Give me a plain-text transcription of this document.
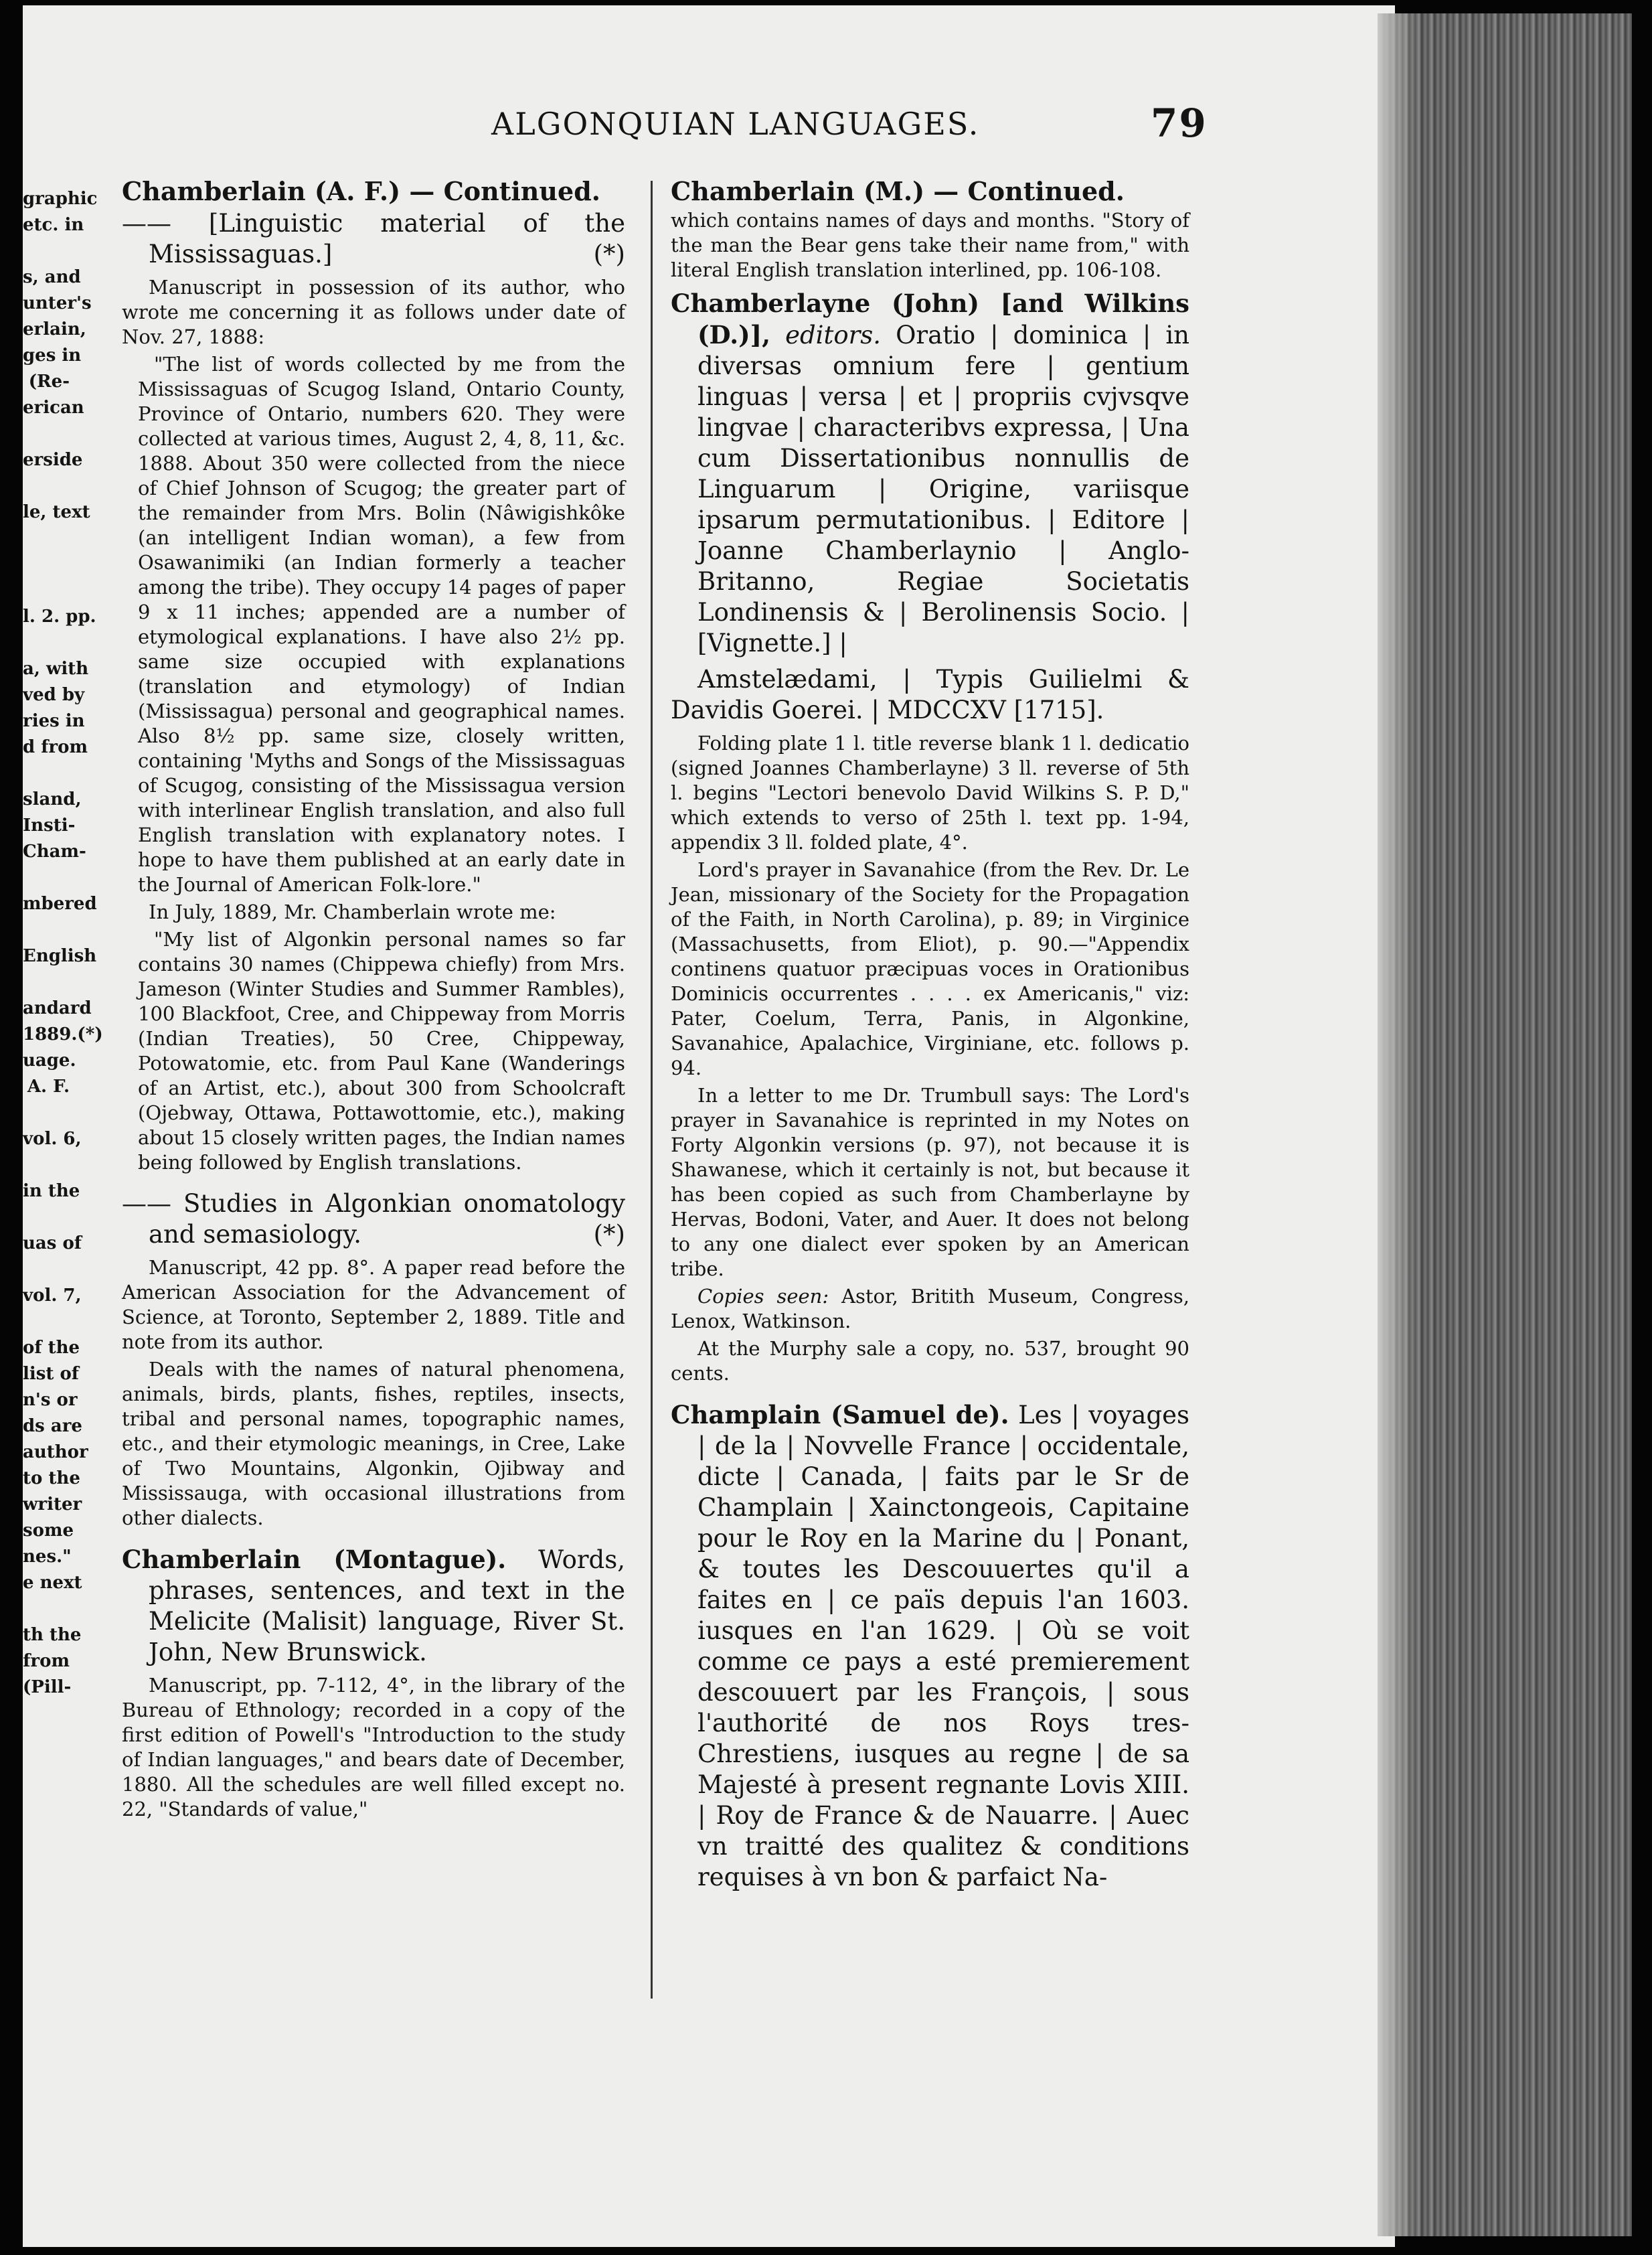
graphic
etc. in
s, and
unter's
erlain,
ges in
(Re-
erican
erside
le, text
l. 2. pp.
a, with
ved by
ries in
d from
sland,
Insti-
Cham-
mbered
English
andard
1889.(*)
uage.
A. F.
vol. 6,
in the
uas of
vol. 7,
of the
list of
n's or
ds are
author
to the
writer
some
nes."
e next
th the
from
(Pill-
ALGONQUIAN LANGUAGES.	79

Chamberlain (A. F.) — Continued.

—— [Linguistic material of the Mississaguas.]	(*)

Manuscript in possession of its author, who wrote me concerning it as follows under date of Nov. 27, 1888:

"The list of words collected by me from the Mississaguas of Scugog Island, Ontario County, Province of Ontario, numbers 620. They were collected at various times, August 2, 4, 8, 11, &c. 1888. About 350 were collected from the niece of Chief Johnson of Scugog; the greater part of the remainder from Mrs. Bolin (Nâwigishkôke (an intelligent Indian woman), a few from Osawanimiki (an Indian formerly a teacher among the tribe). They occupy 14 pages of paper 9 x 11 inches; appended are a number of etymological explanations. I have also 2½ pp. same size occupied with explanations (translation and etymology) of Indian (Mississagua) personal and geographical names. Also 8½ pp. same size, closely written, containing 'Myths and Songs of the Mississaguas of Scugog, consisting of the Mississagua version with interlinear English translation, and also full English translation with explanatory notes. I hope to have them published at an early date in the Journal of American Folk-lore."

In July, 1889, Mr. Chamberlain wrote me:

"My list of Algonkin personal names so far contains 30 names (Chippewa chiefly) from Mrs. Jameson (Winter Studies and Summer Rambles), 100 Blackfoot, Cree, and Chippeway from Morris (Indian Treaties), 50 Cree, Chippeway, Potowatomie, etc. from Paul Kane (Wanderings of an Artist, etc.), about 300 from Schoolcraft (Ojebway, Ottawa, Pottawottomie, etc.), making about 15 closely written pages, the Indian names being followed by English translations.

—— Studies in Algonkian onomatology and semasiology.	(*)

Manuscript, 42 pp. 8°. A paper read before the American Association for the Advancement of Science, at Toronto, September 2, 1889. Title and note from its author.

Deals with the names of natural phenomena, animals, birds, plants, fishes, reptiles, insects, tribal and personal names, topographic names, etc., and their etymologic meanings, in Cree, Lake of Two Mountains, Algonkin, Ojibway and Mississauga, with occasional illustrations from other dialects.

Chamberlain (Montague). Words, phrases, sentences, and text in the Melicite (Malisit) language, River St. John, New Brunswick.

Manuscript, pp. 7-112, 4°, in the library of the Bureau of Ethnology; recorded in a copy of the first edition of Powell's "Introduction to the study of Indian languages," and bears date of December, 1880. All the schedules are well filled except no. 22, "Standards of value,"

Chamberlain (M.) — Continued.

which contains names of days and months. "Story of the man the Bear gens take their name from," with literal English translation interlined, pp. 106-108.

Chamberlayne (John) [and Wilkins (D.)], editors. Oratio | dominica | in diversas omnium fere | gentium linguas | versa | et | propriis cvjvsqve lingvae | characteribvs expressa, | Una cum Dissertationibus nonnullis de Linguarum | Origine, variisque ipsarum permutationibus. | Editore | Joanne Chamberlaynio | Anglo-Britanno, Regiae Societatis Londinensis & | Berolinensis Socio. | [Vignette.] |

Amstelædami, | Typis Guilielmi & Davidis Goerei. | MDCCXV [1715].

Folding plate 1 l. title reverse blank 1 l. dedicatio (signed Joannes Chamberlayne) 3 ll. reverse of 5th l. begins "Lectori benevolo David Wilkins S. P. D," which extends to verso of 25th l. text pp. 1-94, appendix 3 ll. folded plate, 4°.

Lord's prayer in Savanahice (from the Rev. Dr. Le Jean, missionary of the Society for the Propagation of the Faith, in North Carolina), p. 89; in Virginice (Massachusetts, from Eliot), p. 90.—"Appendix continens quatuor præcipuas voces in Orationibus Dominicis occurrentes . . . . ex Americanis," viz: Pater, Coelum, Terra, Panis, in Algonkine, Savanahice, Apalachice, Virginiane, etc. follows p. 94.

In a letter to me Dr. Trumbull says: The Lord's prayer in Savanahice is reprinted in my Notes on Forty Algonkin versions (p. 97), not because it is Shawanese, which it certainly is not, but because it has been copied as such from Chamberlayne by Hervas, Bodoni, Vater, and Auer. It does not belong to any one dialect ever spoken by an American tribe.

Copies seen: Astor, Britith Museum, Congress, Lenox, Watkinson.

At the Murphy sale a copy, no. 537, brought 90 cents.

Champlain (Samuel de). Les | voyages | de la | Novvelle France | occidentale, dicte | Canada, | faits par le Sr de Champlain | Xainctongeois, Capitaine pour le Roy en la Marine du | Ponant, & toutes les Descouuertes qu'il a faites en | ce païs depuis l'an 1603. iusques en l'an 1629. | Où se voit comme ce pays a esté premierement descouuert par les François, | sous l'authorité de nos Roys tres-Chrestiens, iusques au regne | de sa Majesté à present regnante Lovis XIII. | Roy de France & de Nauarre. | Auec vn traitté des qualitez & conditions requises à vn bon & parfaict Na-
